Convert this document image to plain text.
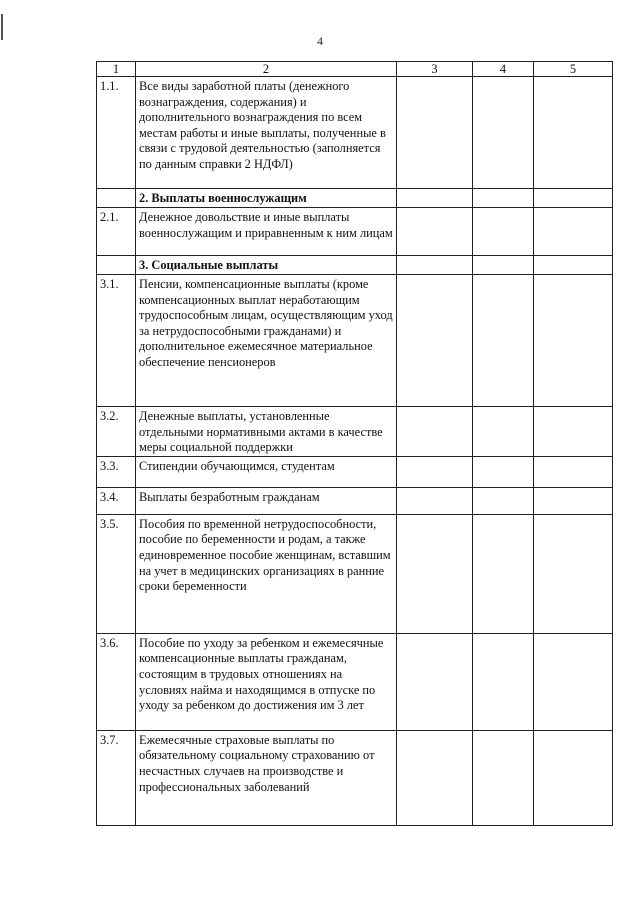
4
1	2	3	4	5
1.1.	Все виды заработной платы (денежного вознаграждения, содержания) и дополнительного вознаграждения по всем местам работы и иные выплаты, полученные в связи с трудовой деятельностью (заполняется по данным справки 2 НДФЛ)			
	2. Выплаты военнослужащим			
2.1.	Денежное довольствие и иные выплаты военнослужащим и приравненным к ним лицам			
	3. Социальные выплаты			
3.1.	Пенсии, компенсационные выплаты (кроме компенсационных выплат неработающим трудоспособным лицам, осуществляющим уход за нетрудоспособными гражданами) и дополнительное ежемесячное материальное обеспечение пенсионеров			
3.2.	Денежные выплаты, установленные отдельными нормативными актами в качестве меры социальной поддержки			
3.3.	Стипендии обучающимся, студентам			
3.4.	Выплаты безработным гражданам			
3.5.	Пособия по временной нетрудоспособности, пособие по беременности и родам, а также единовременное пособие женщинам, вставшим на учет в медицинских организациях в ранние сроки беременности			
3.6.	Пособие по уходу за ребенком и ежемесячные компенсационные выплаты гражданам, состоящим в трудовых отношениях на условиях найма и находящимся в отпуске по уходу за ребенком до достижения им 3 лет			
3.7.	Ежемесячные страховые выплаты по обязательному социальному страхованию от несчастных случаев на производстве и профессиональных заболеваний			
